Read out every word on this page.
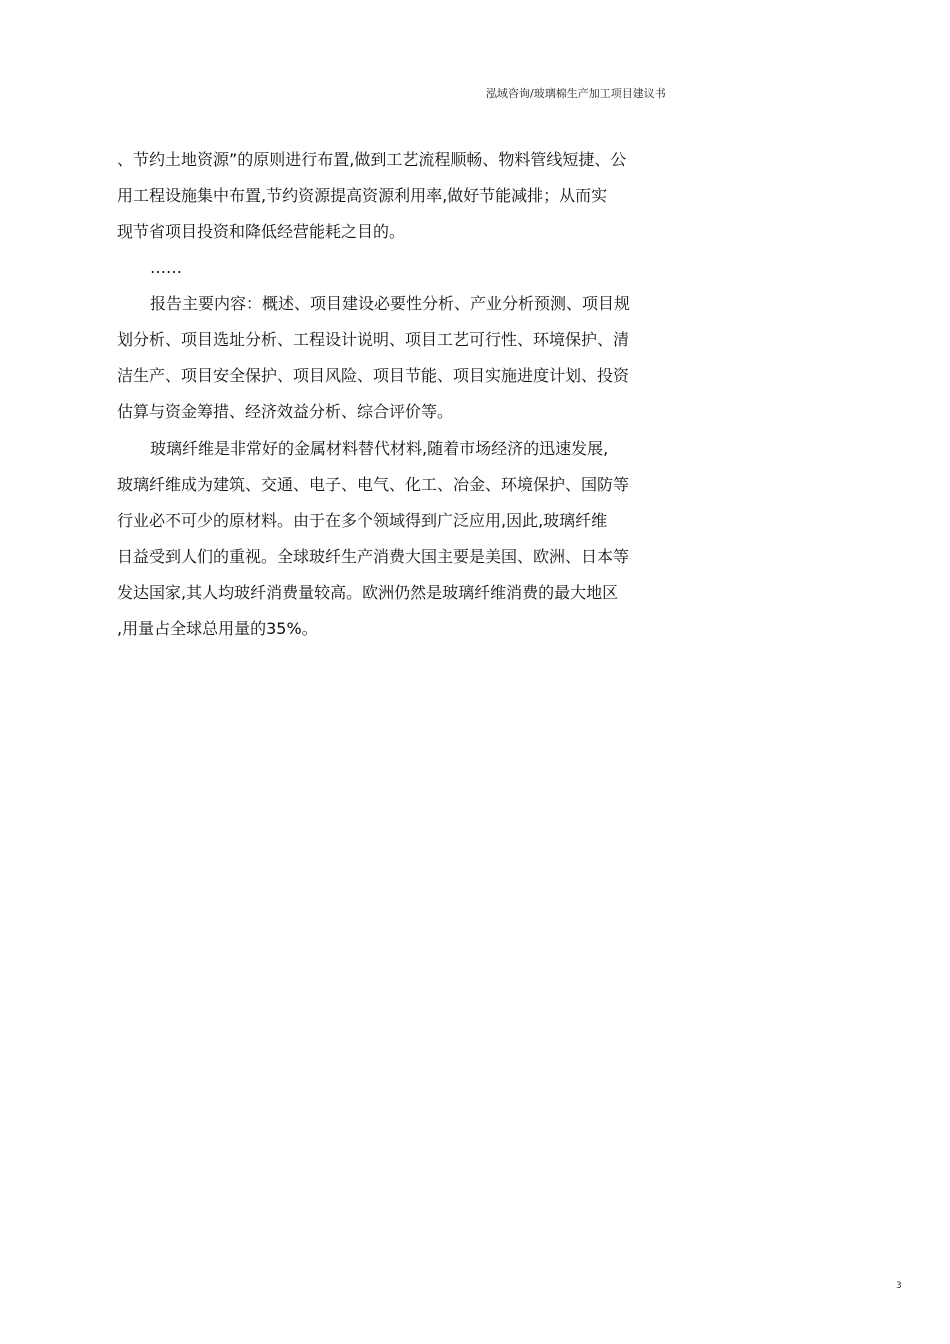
泓域咨询/玻璃棉生产加工项目建议书
、节约土地资源”的原则进行布置,做到工艺流程顺畅、物料管线短捷、公
用工程设施集中布置,节约资源提高资源利用率,做好节能减排；从而实
现节省项目投资和降低经营能耗之目的。
……
报告主要内容：概述、项目建设必要性分析、产业分析预测、项目规
划分析、项目选址分析、工程设计说明、项目工艺可行性、环境保护、清
洁生产、项目安全保护、项目风险、项目节能、项目实施进度计划、投资
估算与资金筹措、经济效益分析、综合评价等。
玻璃纤维是非常好的金属材料替代材料,随着市场经济的迅速发展,
玻璃纤维成为建筑、交通、电子、电气、化工、冶金、环境保护、国防等
行业必不可少的原材料。由于在多个领域得到广泛应用,因此,玻璃纤维
日益受到人们的重视。全球玻纤生产消费大国主要是美国、欧洲、日本等
发达国家,其人均玻纤消费量较高。欧洲仍然是玻璃纤维消费的最大地区
,用量占全球总用量的35%。
3
